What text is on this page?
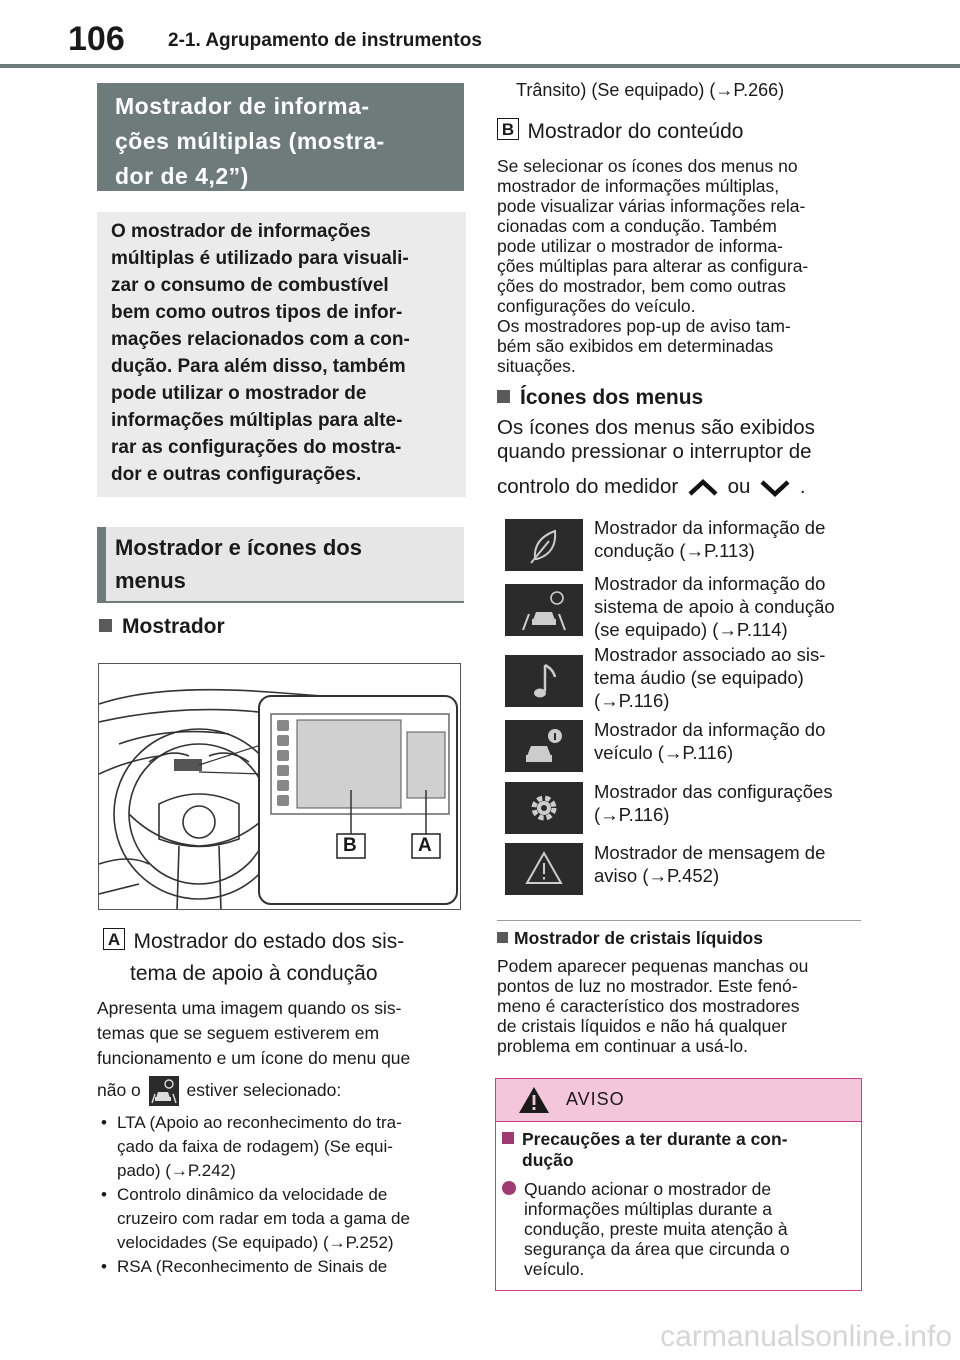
106 2-1. Agrupamento de instrumentos
Mostrador de informa-
ções múltiplas (mostra-
dor de 4,2”)

O mostrador de informações
múltiplas é utilizado para visuali-
zar o consumo de combustível
bem como outros tipos de infor-
mações relacionados com a con-
dução. Para além disso, também
pode utilizar o mostrador de
informações múltiplas para alte-
rar as configurações do mostra-
dor e outras configurações.

Mostrador e ícones dos
menus
Mostrador
B	A
A Mostrador do estado dos sis-
tema de apoio à condução
Apresenta uma imagem quando os sis-
temas que se seguem estiverem em
funcionamento e um ícone do menu que
não o	estiver selecionado:
• LTA (Apoio ao reconhecimento do tra-
çado da faixa de rodagem) (Se equi-
pado) (→P.242)
• Controlo dinâmico da velocidade de
cruzeiro com radar em toda a gama de
velocidades (Se equipado) (→P.252)
• RSA (Reconhecimento de Sinais de
Trânsito) (Se equipado) (→P.266)
B Mostrador do conteúdo
Se selecionar os ícones dos menus no
mostrador de informações múltiplas,
pode visualizar várias informações rela-
cionadas com a condução. Também
pode utilizar o mostrador de informa-
ções múltiplas para alterar as configura-
ções do mostrador, bem como outras
configurações do veículo.
Os mostradores pop-up de aviso tam-
bém são exibidos em determinadas
situações.
Ícones dos menus
Os ícones dos menus são exibidos
quando pressionar o interruptor de
controlo do medidor ou .
Mostrador da informação de
condução (→P.113)
Mostrador da informação do
sistema de apoio à condução
(se equipado) (→P.114)
Mostrador associado ao sis-
tema áudio (se equipado)
(→P.116)
Mostrador da informação do
veículo (→P.116)
Mostrador das configurações
(→P.116)
Mostrador de mensagem de
aviso (→P.452)
Mostrador de cristais líquidos
Podem aparecer pequenas manchas ou
pontos de luz no mostrador. Este fenó-
meno é característico dos mostradores
de cristais líquidos e não há qualquer
problema em continuar a usá-lo.
AVISO
Precauções a ter durante a con-
dução
Quando acionar o mostrador de
informações múltiplas durante a
condução, preste muita atenção à
segurança da área que circunda o
veículo.
carmanualsonline.info
